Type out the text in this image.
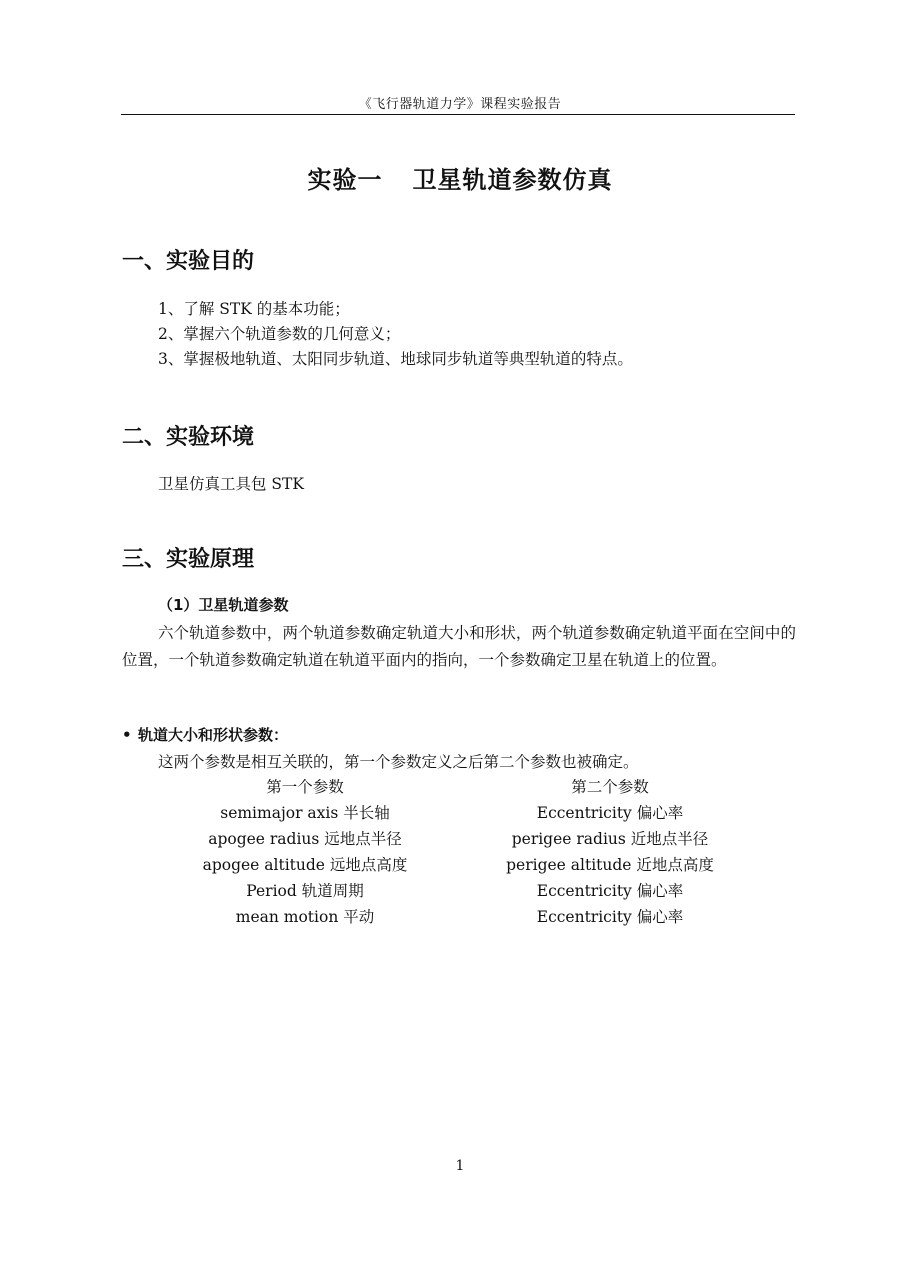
《飞行器轨道力学》课程实验报告
实验一 卫星轨道参数仿真
一、实验目的
1、了解 STK 的基本功能；
2、掌握六个轨道参数的几何意义；
3、掌握极地轨道、太阳同步轨道、地球同步轨道等典型轨道的特点。
二、实验环境
卫星仿真工具包 STK
三、实验原理
（1）卫星轨道参数
六个轨道参数中，两个轨道参数确定轨道大小和形状，两个轨道参数确定轨道平面在空间中的位置，一个轨道参数确定轨道在轨道平面内的指向，一个参数确定卫星在轨道上的位置。
• 轨道大小和形状参数：
这两个参数是相互关联的，第一个参数定义之后第二个参数也被确定。
第一个参数	第二个参数
semimajor axis 半长轴	Eccentricity 偏心率
apogee radius 远地点半径	perigee radius 近地点半径
apogee altitude 远地点高度	perigee altitude 近地点高度
Period 轨道周期	Eccentricity 偏心率
mean motion 平动	Eccentricity 偏心率
1
